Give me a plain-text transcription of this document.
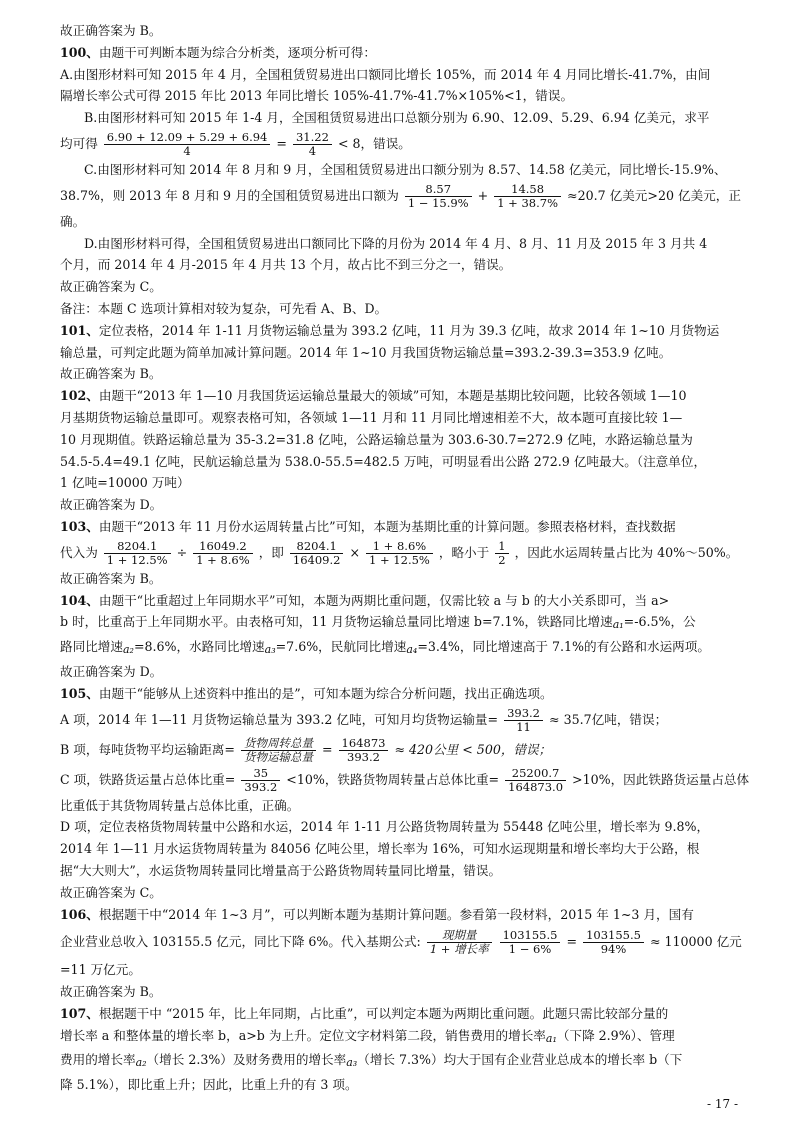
故正确答案为 B。
100、由题干可判断本题为综合分析类，逐项分析可得：
A.由图形材料可知 2015 年 4 月，全国租赁贸易进出口额同比增长 105%，而 2014 年 4 月同比增长-41.7%，由间
隔增长率公式可得 2015 年比 2013 年同比增长 105%-41.7%-41.7%×105%<1，错误。
B.由图形材料可知 2015 年 1-4 月，全国租赁贸易进出口总额分别为 6.90、12.09、5.29、6.94 亿美元，求平
均可得 $\frac{6.90 + 12.09 + 5.29 + 6.94}{4} = \frac{31.22}{4} < 8$，错误。
C.由图形材料可知 2014 年 8 月和 9 月，全国租赁贸易进出口额分别为 8.57、14.58 亿美元，同比增长-15.9%、
38.7%，则 2013 年 8 月和 9 月的全国租赁贸易进出口额为 $\frac{8.57}{1 - 15.9\%} + \frac{14.58}{1 + 38.7\%} \approx 20.7$ 亿美元>20 亿美元，正
确。
D.由图形材料可得，全国租赁贸易进出口额同比下降的月份为 2014 年 4 月、8 月、11 月及 2015 年 3 月共 4
个月，而 2014 年 4 月-2015 年 4 月共 13 个月，故占比不到三分之一，错误。
故正确答案为 C。
备注：本题 C 选项计算相对较为复杂，可先看 A、B、D。
101、定位表格，2014 年 1-11 月货物运输总量为 393.2 亿吨，11 月为 39.3 亿吨，故求 2014 年 1~10 月货物运
输总量，可判定此题为简单加减计算问题。2014 年 1~10 月我国货物运输总量=393.2-39.3=353.9 亿吨。
故正确答案为 B。
102、由题干“2013 年 1—10 月我国货运运输总量最大的领域”可知，本题是基期比较问题，比较各领域 1—10
月基期货物运输总量即可。观察表格可知，各领域 1—11 月和 11 月同比增速相差不大，故本题可直接比较 1—
10 月现期值。铁路运输总量为 35-3.2=31.8 亿吨，公路运输总量为 303.6-30.7=272.9 亿吨，水路运输总量为
54.5-5.4=49.1 亿吨，民航运输总量为 538.0-55.5=482.5 万吨，可明显看出公路 272.9 亿吨最大。（注意单位，
1 亿吨=10000 万吨）
故正确答案为 D。
103、由题干“2013 年 11 月份水运周转量占比”可知，本题为基期比重的计算问题。参照表格材料，查找数据
代入为 $\frac{8204.1}{1 + 12.5\%} \div \frac{16049.2}{1 + 8.6\%}$ ，即 $\frac{8204.1}{16409.2} \times \frac{1 + 8.6\%}{1 + 12.5\%}$ ，略小于 $\frac{1}{2}$ ，因此水运周转量占比为 40%～50%。
故正确答案为 B。
104、由题干“比重超过上年同期水平”可知，本题为两期比重问题，仅需比较 a 与 b 的大小关系即可，当 a>
b 时，比重高于上年同期水平。由表格可知，11 月货物运输总量同比增速 b=7.1%，铁路同比增速a₁=-6.5%，公
路同比增速a₂=8.6%，水路同比增速a₃=7.6%，民航同比增速a₄=3.4%，同比增速高于 7.1%的有公路和水运两项。
故正确答案为 D。
105、由题干“能够从上述资料中推出的是”，可知本题为综合分析问题，找出正确选项。
A 项，2014 年 1—11 月货物运输总量为 393.2 亿吨，可知月均货物运输量= $\frac{393.2}{11} \approx 35.7$亿吨，错误；
B 项，每吨货物平均运输距离= $\frac{\text{货物周转总量}}{\text{货物运输总量}} = \frac{164873}{393.2} \approx 420$公里 < 500，错误；
C 项，铁路货运量占总体比重= $\frac{35}{393.2} <10\%$，铁路货物周转量占总体比重= $\frac{25200.7}{164873.0} >10\%$，因此铁路货运量占总体
比重低于其货物周转量占总体比重，正确。
D 项，定位表格货物周转量中公路和水运，2014 年 1-11 月公路货物周转量为 55448 亿吨公里，增长率为 9.8%，
2014 年 1—11 月水运货物周转量为 84056 亿吨公里，增长率为 16%，可知水运现期量和增长率均大于公路，根
据“大大则大”，水运货物周转量同比增量高于公路货物周转量同比增量，错误。
故正确答案为 C。
106、根据题干中“2014 年 1~3 月”，可以判断本题为基期计算问题。参看第一段材料，2015 年 1~3 月，国有
企业营业总收入 103155.5 亿元，同比下降 6%。代入基期公式: $\frac{\text{现期量}}{\text{1 + 增长率}}$
$\frac{103155.5}{1 - 6\%} = \frac{103155.5}{94\%} \approx 110000$ 亿元
=11 万亿元。
故正确答案为 B。
107、根据题干中 “2015 年，比上年同期，占比重”，可以判定本题为两期比重问题。此题只需比较部分量的
增长率 a 和整体量的增长率 b，a>b 为上升。定位文字材料第二段，销售费用的增长率a₁（下降 2.9%）、管理
费用的增长率a₂（增长 2.3%）及财务费用的增长率a₃（增长 7.3%）均大于国有企业营业总成本的增长率 b（下
降 5.1%），即比重上升；因此，比重上升的有 3 项。
- 17 -
